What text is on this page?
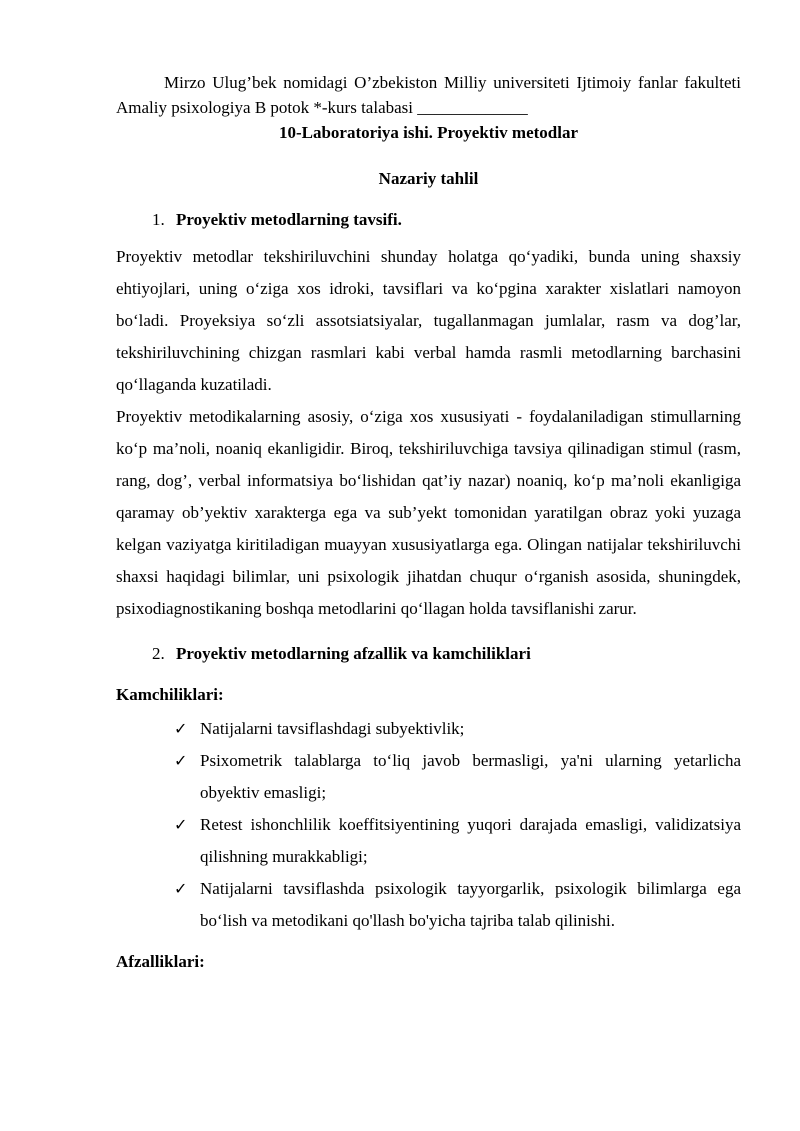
Mirzo Ulug’bek nomidagi O’zbekiston Milliy universiteti Ijtimoiy fanlar fakulteti Amaliy psixologiya B potok *-kurs talabasi _____________

10-Laboratoriya ishi. Proyektiv metodlar

Nazariy tahlil

1. Proyektiv metodlarning tavsifi.

Proyektiv metodlar tekshiriluvchini shunday holatga qo‘yadiki, bunda uning shaxsiy ehtiyojlari, uning o‘ziga xos idroki, tavsiflari va ko‘pgina xarakter xislatlari namoyon bo‘ladi. Proyeksiya so‘zli assotsiatsiyalar, tugallanmagan jumlalar, rasm va dog’lar, tekshiriluvchining chizgan rasmlari kabi verbal hamda rasmli metodlarning barchasini qo‘llaganda kuzatiladi.

Proyektiv metodikalarning asosiy, o‘ziga xos xususiyati - foydalaniladigan stimullarning ko‘p ma’noli, noaniq ekanligidir. Biroq, tekshiriluvchiga tavsiya qilinadigan stimul (rasm, rang, dog’, verbal informatsiya bo‘lishidan qat’iy nazar) noaniq, ko‘p ma’noli ekanligiga qaramay ob’yektiv xarakterga ega va sub’yekt tomonidan yaratilgan obraz yoki yuzaga kelgan vaziyatga kiritiladigan muayyan xususiyatlarga ega. Olingan natijalar tekshiriluvchi shaxsi haqidagi bilimlar, uni psixologik jihatdan chuqur o‘rganish asosida, shuningdek, psixodiagnostikaning boshqa metodlarini qo‘llagan holda tavsiflanishi zarur.

2. Proyektiv metodlarning afzallik va kamchiliklari

Kamchiliklari:

✓ Natijalarni tavsiflashdagi subyektivlik;
✓ Psixometrik talablarga to‘liq javob bermasligi, ya'ni ularning yetarlicha obyektiv emasligi;
✓ Retest ishonchlilik koeffitsiyentining yuqori darajada emasligi, validizatsiya qilishning murakkabligi;
✓ Natijalarni tavsiflashda psixologik tayyorgarlik, psixologik bilimlarga ega bo‘lish va metodikani qo'llash bo'yicha tajriba talab qilinishi.

Afzalliklari:
